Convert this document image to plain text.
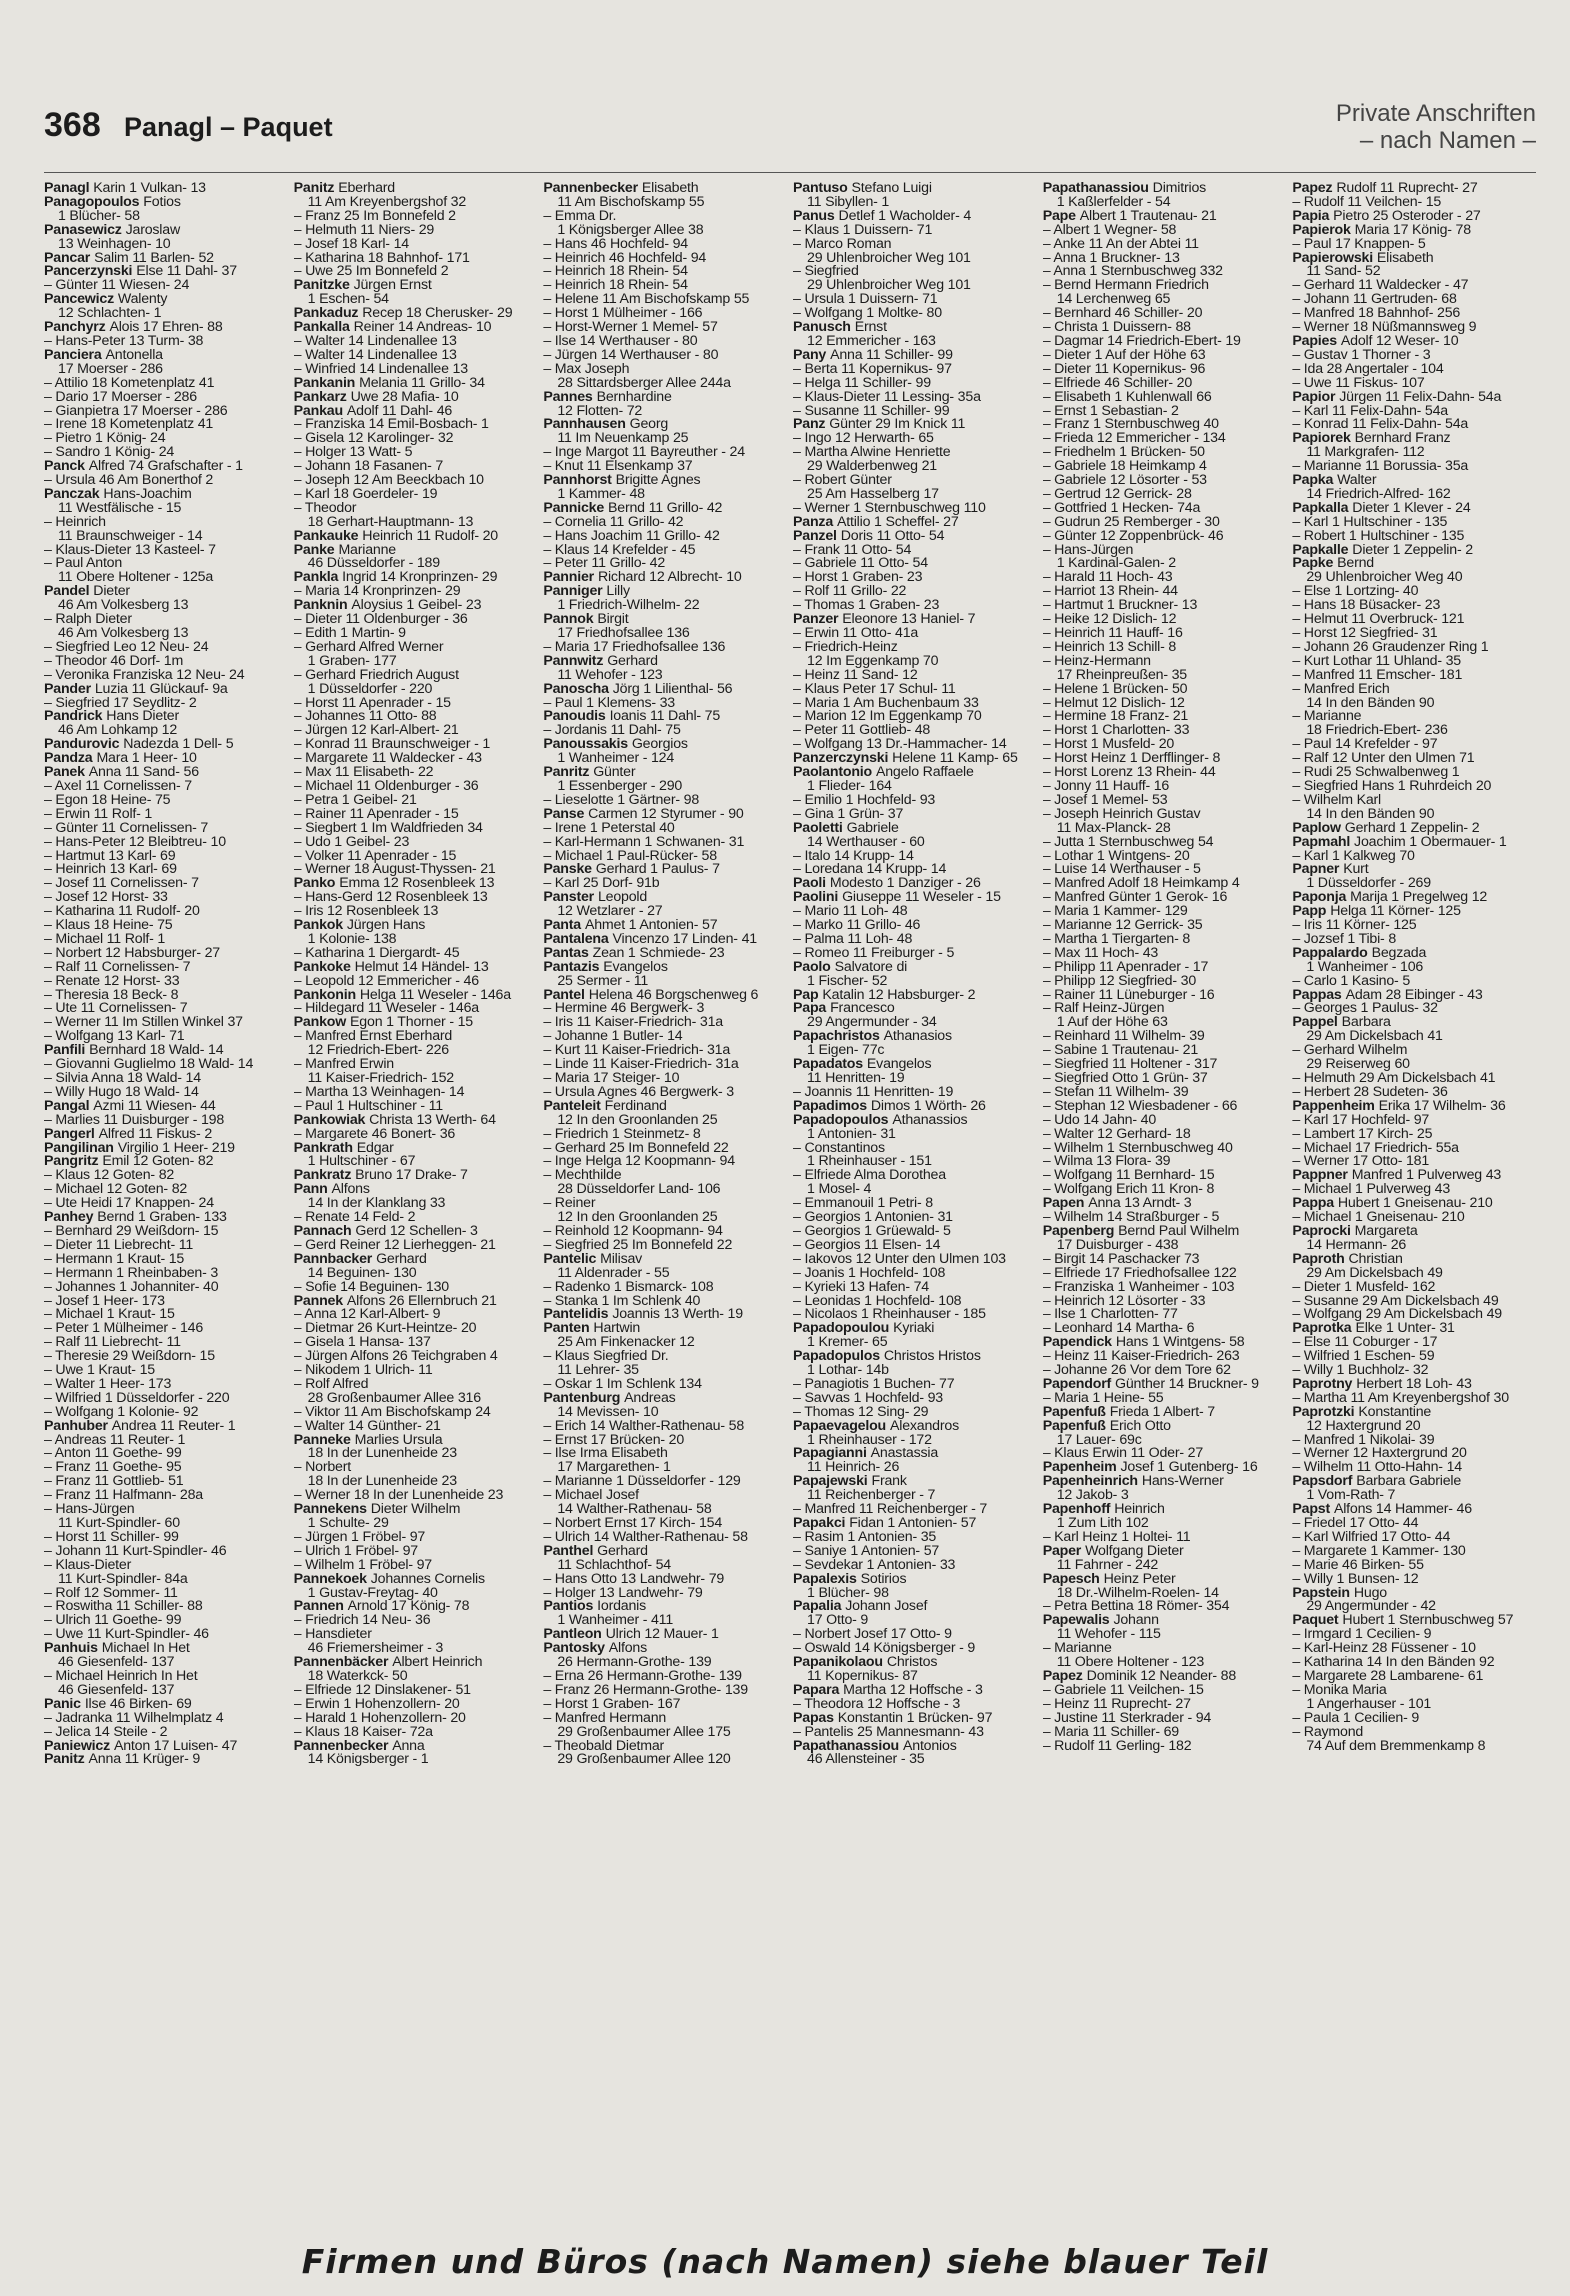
368 Panagl – Paquet	Private Anschriften
– nach Namen –
Panagl Karin 1 Vulkan- 13
Panagopoulos Fotios
1 Blücher- 58
Panasewicz Jaroslaw
13 Weinhagen- 10
Pancar Salim 11 Barlen- 52
Pancerzynski Else 11 Dahl- 37
– Günter 11 Wiesen- 24
Pancewicz Walenty
12 Schlachten- 1
Panchyrz Alois 17 Ehren- 88
– Hans-Peter 13 Turm- 38
Panciera Antonella
17 Moerser - 286
– Attilio 18 Kometenplatz 41
– Dario 17 Moerser - 286
– Gianpietra 17 Moerser - 286
– Irene 18 Kometenplatz 41
– Pietro 1 König- 24
– Sandro 1 König- 24
Panck Alfred 74 Grafschafter - 1
– Ursula 46 Am Bonerthof 2
Panczak Hans-Joachim
11 Westfälische - 15
– Heinrich
11 Braunschweiger - 14
– Klaus-Dieter 13 Kasteel- 7
– Paul Anton
11 Obere Holtener - 125a
Pandel Dieter
46 Am Volkesberg 13
– Ralph Dieter
46 Am Volkesberg 13
– Siegfried Leo 12 Neu- 24
– Theodor 46 Dorf- 1m
– Veronika Franziska 12 Neu- 24
Pander Luzia 11 Glückauf- 9a
– Siegfried 17 Seydlitz- 2
Pandrick Hans Dieter
46 Am Lohkamp 12
Pandurovic Nadezda 1 Dell- 5
Pandza Mara 1 Heer- 10
Panek Anna 11 Sand- 56
– Axel 11 Cornelissen- 7
– Egon 18 Heine- 75
– Erwin 11 Rolf- 1
– Günter 11 Cornelissen- 7
– Hans-Peter 12 Bleibtreu- 10
– Hartmut 13 Karl- 69
– Heinrich 13 Karl- 69
– Josef 11 Cornelissen- 7
– Josef 12 Horst- 33
– Katharina 11 Rudolf- 20
– Klaus 18 Heine- 75
– Michael 11 Rolf- 1
– Norbert 12 Habsburger- 27
– Ralf 11 Cornelissen- 7
– Renate 12 Horst- 33
– Theresia 18 Beck- 8
– Ute 11 Cornelissen- 7
– Werner 11 Im Stillen Winkel 37
– Wolfgang 13 Karl- 71
Panfili Bernhard 18 Wald- 14
– Giovanni Guglielmo 18 Wald- 14
– Silvia Anna 18 Wald- 14
– Willy Hugo 18 Wald- 14
Pangal Azmi 11 Wiesen- 44
– Marlies 11 Duisburger - 198
Pangerl Alfred 11 Fiskus- 2
Pangilinan Virgilio 1 Heer- 219
Pangritz Emil 12 Goten- 82
– Klaus 12 Goten- 82
– Michael 12 Goten- 82
– Ute Heidi 17 Knappen- 24
Panhey Bernd 1 Graben- 133
– Bernhard 29 Weißdorn- 15
– Dieter 11 Liebrecht- 11
– Hermann 1 Kraut- 15
– Hermann 1 Rheinbaben- 3
– Johannes 1 Johanniter- 40
– Josef 1 Heer- 173
– Michael 1 Kraut- 15
– Peter 1 Mülheimer - 146
– Ralf 11 Liebrecht- 11
– Theresie 29 Weißdorn- 15
– Uwe 1 Kraut- 15
– Walter 1 Heer- 173
– Wilfried 1 Düsseldorfer - 220
– Wolfgang 1 Kolonie- 92
Panhuber Andrea 11 Reuter- 1
– Andreas 11 Reuter- 1
– Anton 11 Goethe- 99
– Franz 11 Goethe- 95
– Franz 11 Gottlieb- 51
– Franz 11 Halfmann- 28a
– Hans-Jürgen
11 Kurt-Spindler- 60
– Horst 11 Schiller- 99
– Johann 11 Kurt-Spindler- 46
– Klaus-Dieter
11 Kurt-Spindler- 84a
– Rolf 12 Sommer- 11
– Roswitha 11 Schiller- 88
– Ulrich 11 Goethe- 99
– Uwe 11 Kurt-Spindler- 46
Panhuis Michael In Het
46 Giesenfeld- 137
– Michael Heinrich In Het
46 Giesenfeld- 137
Panic Ilse 46 Birken- 69
– Jadranka 11 Wilhelmplatz 4
– Jelica 14 Steile - 2
Paniewicz Anton 17 Luisen- 47
Panitz Anna 11 Krüger- 9
Panitz Eberhard
11 Am Kreyenbergshof 32
– Franz 25 Im Bonnefeld 2
– Helmuth 11 Niers- 29
– Josef 18 Karl- 14
– Katharina 18 Bahnhof- 171
– Uwe 25 Im Bonnefeld 2
Panitzke Jürgen Ernst
1 Eschen- 54
Pankaduz Recep 18 Cherusker- 29
Pankalla Reiner 14 Andreas- 10
– Walter 14 Lindenallee 13
– Walter 14 Lindenallee 13
– Winfried 14 Lindenallee 13
Pankanin Melania 11 Grillo- 34
Pankarz Uwe 28 Mafia- 10
Pankau Adolf 11 Dahl- 46
– Franziska 14 Emil-Bosbach- 1
– Gisela 12 Karolinger- 32
– Holger 13 Watt- 5
– Johann 18 Fasanen- 7
– Joseph 12 Am Beeckbach 10
– Karl 18 Goerdeler- 19
– Theodor
18 Gerhart-Hauptmann- 13
Pankauke Heinrich 11 Rudolf- 20
Panke Marianne
46 Düsseldorfer - 189
Pankla Ingrid 14 Kronprinzen- 29
– Maria 14 Kronprinzen- 29
Panknin Aloysius 1 Geibel- 23
– Dieter 11 Oldenburger - 36
– Edith 1 Martin- 9
– Gerhard Alfred Werner
1 Graben- 177
– Gerhard Friedrich August
1 Düsseldorfer - 220
– Horst 11 Apenrader - 15
– Johannes 11 Otto- 88
– Jürgen 12 Karl-Albert- 21
– Konrad 11 Braunschweiger - 1
– Margarete 11 Waldecker - 43
– Max 11 Elisabeth- 22
– Michael 11 Oldenburger - 36
– Petra 1 Geibel- 21
– Rainer 11 Apenrader - 15
– Siegbert 1 Im Waldfrieden 34
– Udo 1 Geibel- 23
– Volker 11 Apenrader - 15
– Werner 18 August-Thyssen- 21
Panko Emma 12 Rosenbleek 13
– Hans-Gerd 12 Rosenbleek 13
– Iris 12 Rosenbleek 13
Pankok Jürgen Hans
1 Kolonie- 138
– Katharina 1 Diergardt- 45
Pankoke Helmut 14 Händel- 13
– Leopold 12 Emmericher - 46
Pankonin Helga 11 Weseler - 146a
– Hildegard 11 Weseler - 146a
Pankow Egon 1 Thorner - 15
– Manfred Ernst Eberhard
12 Friedrich-Ebert- 226
– Manfred Erwin
11 Kaiser-Friedrich- 152
– Martha 13 Weinhagen- 14
– Paul 1 Hultschiner - 11
Pankowiak Christa 13 Werth- 64
– Margarete 46 Bonert- 36
Pankrath Edgar
1 Hultschiner - 67
Pankratz Bruno 17 Drake- 7
Pann Alfons
14 In der Klanklang 33
– Renate 14 Feld- 2
Pannach Gerd 12 Schellen- 3
– Gerd Reiner 12 Lierheggen- 21
Pannbacker Gerhard
14 Beguinen- 130
– Sofie 14 Beguinen- 130
Pannek Alfons 26 Ellernbruch 21
– Anna 12 Karl-Albert- 9
– Dietmar 26 Kurt-Heintze- 20
– Gisela 1 Hansa- 137
– Jürgen Alfons 26 Teichgraben 4
– Nikodem 1 Ulrich- 11
– Rolf Alfred
28 Großenbaumer Allee 316
– Viktor 11 Am Bischofskamp 24
– Walter 14 Günther- 21
Panneke Marlies Ursula
18 In der Lunenheide 23
– Norbert
18 In der Lunenheide 23
– Werner 18 In der Lunenheide 23
Pannekens Dieter Wilhelm
1 Schulte- 29
– Jürgen 1 Fröbel- 97
– Ulrich 1 Fröbel- 97
– Wilhelm 1 Fröbel- 97
Pannekoek Johannes Cornelis
1 Gustav-Freytag- 40
Pannen Arnold 17 König- 78
– Friedrich 14 Neu- 36
– Hansdieter
46 Friemersheimer - 3
Pannenbäcker Albert Heinrich
18 Waterkck- 50
– Elfriede 12 Dinslakener- 51
– Erwin 1 Hohenzollern- 20
– Harald 1 Hohenzollern- 20
– Klaus 18 Kaiser- 72a
Pannenbecker Anna
14 Königsberger - 1
Pannenbecker Elisabeth
11 Am Bischofskamp 55
– Emma Dr.
1 Königsberger Allee 38
– Hans 46 Hochfeld- 94
– Heinrich 46 Hochfeld- 94
– Heinrich 18 Rhein- 54
– Heinrich 18 Rhein- 54
– Helene 11 Am Bischofskamp 55
– Horst 1 Mülheimer - 166
– Horst-Werner 1 Memel- 57
– Ilse 14 Werthauser - 80
– Jürgen 14 Werthauser - 80
– Max Joseph
28 Sittardsberger Allee 244a
Pannes Bernhardine
12 Flotten- 72
Pannhausen Georg
11 Im Neuenkamp 25
– Inge Margot 11 Bayreuther - 24
– Knut 11 Elsenkamp 37
Pannhorst Brigitte Agnes
1 Kammer- 48
Pannicke Bernd 11 Grillo- 42
– Cornelia 11 Grillo- 42
– Hans Joachim 11 Grillo- 42
– Klaus 14 Krefelder - 45
– Peter 11 Grillo- 42
Pannier Richard 12 Albrecht- 10
Panniger Lilly
1 Friedrich-Wilhelm- 22
Pannok Birgit
17 Friedhofsallee 136
– Maria 17 Friedhofsallee 136
Pannwitz Gerhard
11 Wehofer - 123
Panoscha Jörg 1 Lilienthal- 56
– Paul 1 Klemens- 33
Panoudis Ioanis 11 Dahl- 75
– Jordanis 11 Dahl- 75
Panoussakis Georgios
1 Wanheimer - 124
Panritz Günter
1 Essenberger - 290
– Lieselotte 1 Gärtner- 98
Panse Carmen 12 Styrumer - 90
– Irene 1 Peterstal 40
– Karl-Hermann 1 Schwanen- 31
– Michael 1 Paul-Rücker- 58
Panske Gerhard 1 Paulus- 7
– Karl 25 Dorf- 91b
Panster Leopold
12 Wetzlarer - 27
Panta Ahmet 1 Antonien- 57
Pantalena Vincenzo 17 Linden- 41
Pantas Zean 1 Schmiede- 23
Pantazis Evangelos
25 Sermer - 11
Pantel Helena 46 Borgschenweg 6
– Hermine 46 Bergwerk- 3
– Iris 11 Kaiser-Friedrich- 31a
– Johanne 1 Butler- 14
– Kurt 11 Kaiser-Friedrich- 31a
– Linde 11 Kaiser-Friedrich- 31a
– Maria 17 Steiger- 10
– Ursula Agnes 46 Bergwerk- 3
Panteleit Ferdinand
12 In den Groonlanden 25
– Friedrich 1 Steinmetz- 8
– Gerhard 25 Im Bonnefeld 22
– Inge Helga 12 Koopmann- 94
– Mechthilde
28 Düsseldorfer Land- 106
– Reiner
12 In den Groonlanden 25
– Reinhold 12 Koopmann- 94
– Siegfried 25 Im Bonnefeld 22
Pantelic Milisav
11 Aldenrader - 55
– Radenko 1 Bismarck- 108
– Stanka 1 Im Schlenk 40
Pantelidis Joannis 13 Werth- 19
Panten Hartwin
25 Am Finkenacker 12
– Klaus Siegfried Dr.
11 Lehrer- 35
– Oskar 1 Im Schlenk 134
Pantenburg Andreas
14 Mevissen- 10
– Erich 14 Walther-Rathenau- 58
– Ernst 17 Brücken- 20
– Ilse Irma Elisabeth
17 Margarethen- 1
– Marianne 1 Düsseldorfer - 129
– Michael Josef
14 Walther-Rathenau- 58
– Norbert Ernst 17 Kirch- 154
– Ulrich 14 Walther-Rathenau- 58
Panthel Gerhard
11 Schlachthof- 54
– Hans Otto 13 Landwehr- 79
– Holger 13 Landwehr- 79
Pantios Iordanis
1 Wanheimer - 411
Pantleon Ulrich 12 Mauer- 1
Pantosky Alfons
26 Hermann-Grothe- 139
– Erna 26 Hermann-Grothe- 139
– Franz 26 Hermann-Grothe- 139
– Horst 1 Graben- 167
– Manfred Hermann
29 Großenbaumer Allee 175
– Theobald Dietmar
29 Großenbaumer Allee 120
Pantuso Stefano Luigi
11 Sibyllen- 1
Panus Detlef 1 Wacholder- 4
– Klaus 1 Duissern- 71
– Marco Roman
29 Uhlenbroicher Weg 101
– Siegfried
29 Uhlenbroicher Weg 101
– Ursula 1 Duissern- 71
– Wolfgang 1 Moltke- 80
Panusch Ernst
12 Emmericher - 163
Pany Anna 11 Schiller- 99
– Berta 11 Kopernikus- 97
– Helga 11 Schiller- 99
– Klaus-Dieter 11 Lessing- 35a
– Susanne 11 Schiller- 99
Panz Günter 29 Im Knick 11
– Ingo 12 Herwarth- 65
– Martha Alwine Henriette
29 Walderbenweg 21
– Robert Günter
25 Am Hasselberg 17
– Werner 1 Sternbuschweg 110
Panza Attilio 1 Scheffel- 27
Panzel Doris 11 Otto- 54
– Frank 11 Otto- 54
– Gabriele 11 Otto- 54
– Horst 1 Graben- 23
– Rolf 11 Grillo- 22
– Thomas 1 Graben- 23
Panzer Eleonore 13 Haniel- 7
– Erwin 11 Otto- 41a
– Friedrich-Heinz
12 Im Eggenkamp 70
– Heinz 11 Sand- 12
– Klaus Peter 17 Schul- 11
– Maria 1 Am Buchenbaum 33
– Marion 12 Im Eggenkamp 70
– Peter 11 Gottlieb- 48
– Wolfgang 13 Dr.-Hammacher- 14
Panzerczynski Helene 11 Kamp- 65
Paolantonio Angelo Raffaele
1 Flieder- 164
– Emilio 1 Hochfeld- 93
– Gina 1 Grün- 37
Paoletti Gabriele
14 Werthauser - 60
– Italo 14 Krupp- 14
– Loredana 14 Krupp- 14
Paoli Modesto 1 Danziger - 26
Paolini Giuseppe 11 Weseler - 15
– Mario 11 Loh- 48
– Marko 11 Grillo- 46
– Palma 11 Loh- 48
– Romeo 11 Freiburger - 5
Paolo Salvatore di
1 Fischer- 52
Pap Katalin 12 Habsburger- 2
Papa Francesco
29 Angermunder - 34
Papachristos Athanasios
1 Eigen- 77c
Papadatos Evangelos
11 Henritten- 19
– Joannis 11 Henritten- 19
Papadimos Dimos 1 Wörth- 26
Papadopoulos Athanassios
1 Antonien- 31
– Constantinos
1 Rheinhauser - 151
– Elfriede Alma Dorothea
1 Mosel- 4
– Emmanouil 1 Petri- 8
– Georgios 1 Antonien- 31
– Georgios 1 Grüewald- 5
– Georgios 11 Elsen- 14
– Iakovos 12 Unter den Ulmen 103
– Joanis 1 Hochfeld- 108
– Kyrieki 13 Hafen- 74
– Leonidas 1 Hochfeld- 108
– Nicolaos 1 Rheinhauser - 185
Papadopoulou Kyriaki
1 Kremer- 65
Papadopulos Christos Hristos
1 Lothar- 14b
– Panagiotis 1 Buchen- 77
– Savvas 1 Hochfeld- 93
– Thomas 12 Sing- 29
Papaevagelou Alexandros
1 Rheinhauser - 172
Papagianni Anastassia
11 Heinrich- 26
Papajewski Frank
11 Reichenberger - 7
– Manfred 11 Reichenberger - 7
Papakci Fidan 1 Antonien- 57
– Rasim 1 Antonien- 35
– Saniye 1 Antonien- 57
– Sevdekar 1 Antonien- 33
Papalexis Sotirios
1 Blücher- 98
Papalia Johann Josef
17 Otto- 9
– Norbert Josef 17 Otto- 9
– Oswald 14 Königsberger - 9
Papanikolaou Christos
11 Kopernikus- 87
Papara Martha 12 Hoffsche - 3
– Theodora 12 Hoffsche - 3
Papas Konstantin 1 Brücken- 97
– Pantelis 25 Mannesmann- 43
Papathanassiou Antonios
46 Allensteiner - 35
Papathanassiou Dimitrios
1 Kaßlerfelder - 54
Pape Albert 1 Trautenau- 21
– Albert 1 Wegner- 58
– Anke 11 An der Abtei 11
– Anna 1 Bruckner- 13
– Anna 1 Sternbuschweg 332
– Bernd Hermann Friedrich
14 Lerchenweg 65
– Bernhard 46 Schiller- 20
– Christa 1 Duissern- 88
– Dagmar 14 Friedrich-Ebert- 19
– Dieter 1 Auf der Höhe 63
– Dieter 11 Kopernikus- 96
– Elfriede 46 Schiller- 20
– Elisabeth 1 Kuhlenwall 66
– Ernst 1 Sebastian- 2
– Franz 1 Sternbuschweg 40
– Frieda 12 Emmericher - 134
– Friedhelm 1 Brücken- 50
– Gabriele 18 Heimkamp 4
– Gabriele 12 Lösorter - 53
– Gertrud 12 Gerrick- 28
– Gottfried 1 Hecken- 74a
– Gudrun 25 Remberger - 30
– Günter 12 Zoppenbrück- 46
– Hans-Jürgen
1 Kardinal-Galen- 2
– Harald 11 Hoch- 43
– Harriot 13 Rhein- 44
– Hartmut 1 Bruckner- 13
– Heike 12 Dislich- 12
– Heinrich 11 Hauff- 16
– Heinrich 13 Schill- 8
– Heinz-Hermann
17 Rheinpreußen- 35
– Helene 1 Brücken- 50
– Helmut 12 Dislich- 12
– Hermine 18 Franz- 21
– Horst 1 Charlotten- 33
– Horst 1 Musfeld- 20
– Horst Heinz 1 Derfflinger- 8
– Horst Lorenz 13 Rhein- 44
– Jonny 11 Hauff- 16
– Josef 1 Memel- 53
– Joseph Heinrich Gustav
11 Max-Planck- 28
– Jutta 1 Sternbuschweg 54
– Lothar 1 Wintgens- 20
– Luise 14 Werthauser - 5
– Manfred Adolf 18 Heimkamp 4
– Manfred Günter 1 Gerok- 16
– Maria 1 Kammer- 129
– Marianne 12 Gerrick- 35
– Martha 1 Tiergarten- 8
– Max 11 Hoch- 43
– Philipp 11 Apenrader - 17
– Philipp 12 Siegfried- 30
– Rainer 11 Lüneburger - 16
– Ralf Heinz-Jürgen
1 Auf der Höhe 63
– Reinhard 11 Wilhelm- 39
– Sabine 1 Trautenau- 21
– Siegfried 11 Holtener - 317
– Siegfried Otto 1 Grün- 37
– Stefan 11 Wilhelm- 39
– Stephan 12 Wiesbadener - 66
– Udo 14 Jahn- 40
– Walter 12 Gerhard- 18
– Wilhelm 1 Sternbuschweg 40
– Wilma 13 Flora- 39
– Wolfgang 11 Bernhard- 15
– Wolfgang Erich 11 Kron- 8
Papen Anna 13 Arndt- 3
– Wilhelm 14 Straßburger - 5
Papenberg Bernd Paul Wilhelm
17 Duisburger - 438
– Birgit 14 Paschacker 73
– Elfriede 17 Friedhofsallee 122
– Franziska 1 Wanheimer - 103
– Heinrich 12 Lösorter - 33
– Ilse 1 Charlotten- 77
– Leonhard 14 Martha- 6
Papendick Hans 1 Wintgens- 58
– Heinz 11 Kaiser-Friedrich- 263
– Johanne 26 Vor dem Tore 62
Papendorf Günther 14 Bruckner- 9
– Maria 1 Heine- 55
Papenfuß Frieda 1 Albert- 7
Papenfuß Erich Otto
17 Lauer- 69c
– Klaus Erwin 11 Oder- 27
Papenheim Josef 1 Gutenberg- 16
Papenheinrich Hans-Werner
12 Jakob- 3
Papenhoff Heinrich
1 Zum Lith 102
– Karl Heinz 1 Holtei- 11
Paper Wolfgang Dieter
11 Fahrner - 242
Papesch Heinz Peter
18 Dr.-Wilhelm-Roelen- 14
– Petra Bettina 18 Römer- 354
Papewalis Johann
11 Wehofer - 115
– Marianne
11 Obere Holtener - 123
Papez Dominik 12 Neander- 88
– Gabriele 11 Veilchen- 15
– Heinz 11 Ruprecht- 27
– Justine 11 Sterkrader - 94
– Maria 11 Schiller- 69
– Rudolf 11 Gerling- 182
Papez Rudolf 11 Ruprecht- 27
– Rudolf 11 Veilchen- 15
Papia Pietro 25 Osteroder - 27
Papierok Maria 17 König- 78
– Paul 17 Knappen- 5
Papierowski Elisabeth
11 Sand- 52
– Gerhard 11 Waldecker - 47
– Johann 11 Gertruden- 68
– Manfred 18 Bahnhof- 256
– Werner 18 Nüßmannsweg 9
Papies Adolf 12 Weser- 10
– Gustav 1 Thorner - 3
– Ida 28 Angertaler - 104
– Uwe 11 Fiskus- 107
Papior Jürgen 11 Felix-Dahn- 54a
– Karl 11 Felix-Dahn- 54a
– Konrad 11 Felix-Dahn- 54a
Papiorek Bernhard Franz
11 Markgrafen- 112
– Marianne 11 Borussia- 35a
Papka Walter
14 Friedrich-Alfred- 162
Papkalla Dieter 1 Klever - 24
– Karl 1 Hultschiner - 135
– Robert 1 Hultschiner - 135
Papkalle Dieter 1 Zeppelin- 2
Papke Bernd
29 Uhlenbroicher Weg 40
– Else 1 Lortzing- 40
– Hans 18 Büsacker- 23
– Helmut 11 Overbruck- 121
– Horst 12 Siegfried- 31
– Johann 26 Graudenzer Ring 1
– Kurt Lothar 11 Uhland- 35
– Manfred 11 Emscher- 181
– Manfred Erich
14 In den Bänden 90
– Marianne
18 Friedrich-Ebert- 236
– Paul 14 Krefelder - 97
– Ralf 12 Unter den Ulmen 71
– Rudi 25 Schwalbenweg 1
– Siegfried Hans 1 Ruhrdeich 20
– Wilhelm Karl
14 In den Bänden 90
Paplow Gerhard 1 Zeppelin- 2
Papmahl Joachim 1 Obermauer- 1
– Karl 1 Kalkweg 70
Papner Kurt
1 Düsseldorfer - 269
Paponja Marija 1 Pregelweg 12
Papp Helga 11 Körner- 125
– Iris 11 Körner- 125
– Jozsef 1 Tibi- 8
Pappalardo Begzada
1 Wanheimer - 106
– Carlo 1 Kasino- 5
Pappas Adam 28 Eibinger - 43
– Georges 1 Paulus- 32
Pappel Barbara
29 Am Dickelsbach 41
– Gerhard Wilhelm
29 Reiserweg 60
– Helmuth 29 Am Dickelsbach 41
– Herbert 28 Sudeten- 36
Pappenheim Erika 17 Wilhelm- 36
– Karl 17 Hochfeld- 97
– Lambert 17 Kirch- 25
– Michael 17 Friedrich- 55a
– Werner 17 Otto- 181
Pappner Manfred 1 Pulverweg 43
– Michael 1 Pulverweg 43
Pappa Hubert 1 Gneisenau- 210
– Michael 1 Gneisenau- 210
Paprocki Margareta
14 Hermann- 26
Paproth Christian
29 Am Dickelsbach 49
– Dieter 1 Musfeld- 162
– Susanne 29 Am Dickelsbach 49
– Wolfgang 29 Am Dickelsbach 49
Paprotka Elke 1 Unter- 31
– Else 11 Coburger - 17
– Wilfried 1 Eschen- 59
– Willy 1 Buchholz- 32
Paprotny Herbert 18 Loh- 43
– Martha 11 Am Kreyenbergshof 30
Paprotzki Konstantine
12 Haxtergrund 20
– Manfred 1 Nikolai- 39
– Werner 12 Haxtergrund 20
– Wilhelm 11 Otto-Hahn- 14
Papsdorf Barbara Gabriele
1 Vom-Rath- 7
Papst Alfons 14 Hammer- 46
– Friedel 17 Otto- 44
– Karl Wilfried 17 Otto- 44
– Margarete 1 Kammer- 130
– Marie 46 Birken- 55
– Willy 1 Bunsen- 12
Papstein Hugo
29 Angermunder - 42
Paquet Hubert 1 Sternbuschweg 57
– Irmgard 1 Cecilien- 9
– Karl-Heinz 28 Füssener - 10
– Katharina 14 In den Bänden 92
– Margarete 28 Lambarene- 61
– Monika Maria
1 Angerhauser - 101
– Paula 1 Cecilien- 9
– Raymond
74 Auf dem Bremmenkamp 8
Firmen und Büros (nach Namen) siehe blauer Teil
